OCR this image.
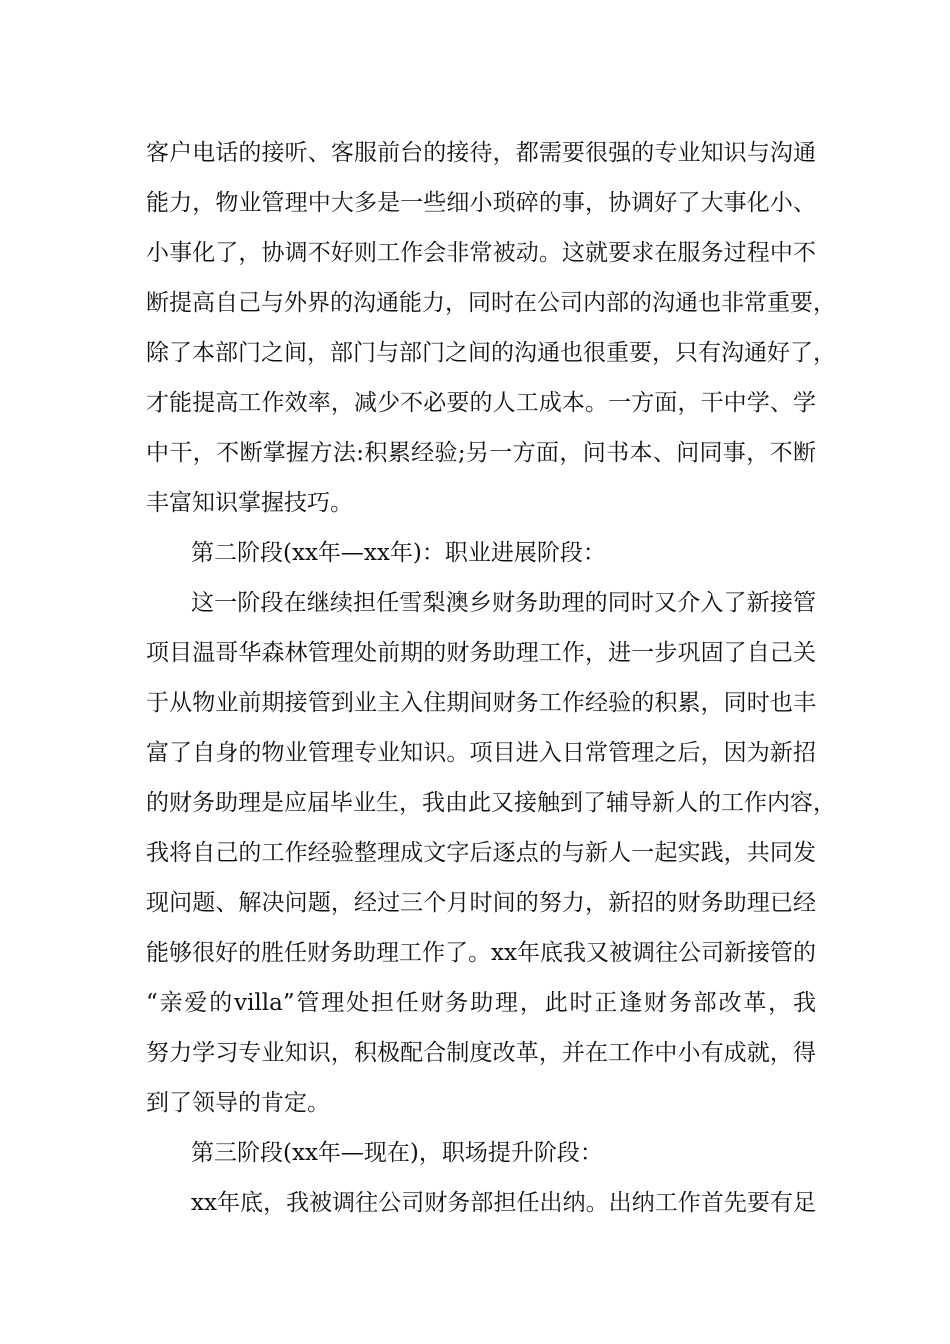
客户电话的接听、客服前台的接待，都需要很强的专业知识与沟通
能力，物业管理中大多是一些细小琐碎的事，协调好了大事化小、
小事化了，协调不好则工作会非常被动。这就要求在服务过程中不
断提高自己与外界的沟通能力，同时在公司内部的沟通也非常重要，
除了本部门之间，部门与部门之间的沟通也很重要，只有沟通好了，
才能提高工作效率，减少不必要的人工成本。一方面，干中学、学
中干，不断掌握方法:积累经验;另一方面，问书本、问同事，不断
丰富知识掌握技巧。
第二阶段(xx年—xx年)：职业进展阶段：
这一阶段在继续担任雪梨澳乡财务助理的同时又介入了新接管
项目温哥华森林管理处前期的财务助理工作，进一步巩固了自己关
于从物业前期接管到业主入住期间财务工作经验的积累，同时也丰
富了自身的物业管理专业知识。项目进入日常管理之后，因为新招
的财务助理是应届毕业生，我由此又接触到了辅导新人的工作内容，
我将自己的工作经验整理成文字后逐点的与新人一起实践，共同发
现问题、解决问题，经过三个月时间的努力，新招的财务助理已经
能够很好的胜任财务助理工作了。xx年底我又被调往公司新接管的
“亲爱的villa”管理处担任财务助理，此时正逢财务部改革，我
努力学习专业知识，积极配合制度改革，并在工作中小有成就，得
到了领导的肯定。
第三阶段(xx年—现在)，职场提升阶段：
xx年底，我被调往公司财务部担任出纳。出纳工作首先要有足
